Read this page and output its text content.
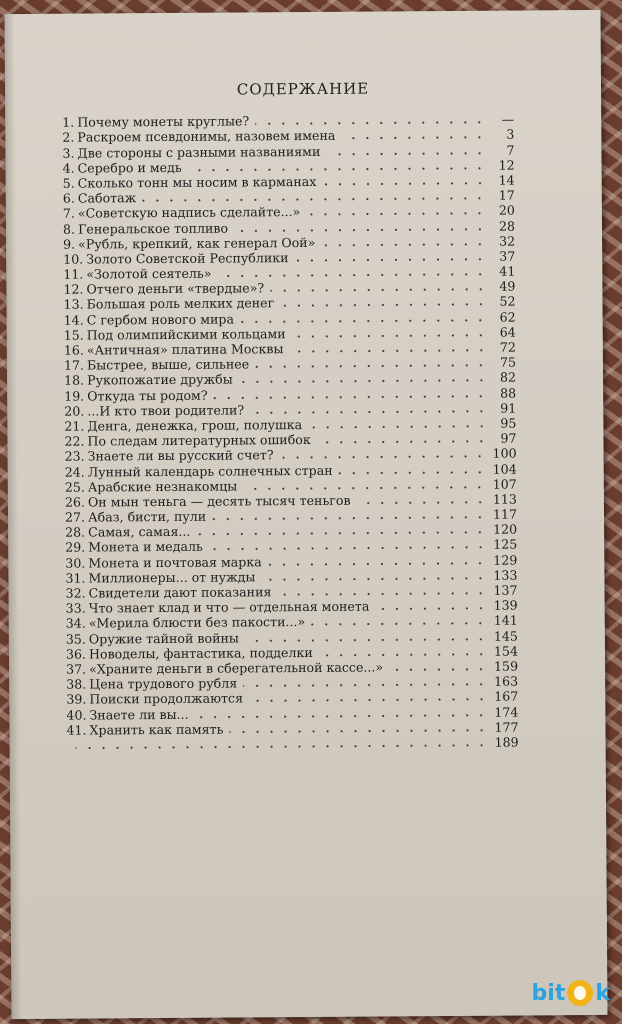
СОДЕРЖАНИЕ
1. Почему монеты круглые?	—
2. Раскроем псевдонимы, назовем имена	3
3. Две стороны с разными названиями	7
4. Серебро и медь	12
5. Сколько тонн мы носим в карманах	14
6. Саботаж	17
7. «Советскую надпись сделайте...»	20
8. Генеральское топливо	28
9. «Рубль, крепкий, как генерал Оой»	32
10. Золото Советской Республики	37
11. «Золотой сеятель»	41
12. Отчего деньги «твердые»?	49
13. Большая роль мелких денег	52
14. С гербом нового мира	62
15. Под олимпийскими кольцами	64
16. «Античная» платина Москвы	72
17. Быстрее, выше, сильнее	75
18. Рукопожатие дружбы	82
19. Откуда ты родом?	88
20. ...И кто твои родители?	91
21. Денга, денежка, грош, полушка	95
22. По следам литературных ошибок	97
23. Знаете ли вы русский счет?	100
24. Лунный календарь солнечных стран	104
25. Арабские незнакомцы	107
26. Он мын теньга — десять тысяч теньгов	113
27. Абаз, бисти, пули	117
28. Самая, самая...	120
29. Монета и медаль	125
30. Монета и почтовая марка	129
31. Миллионеры... от нужды	133
32. Свидетели дают показания	137
33. Что знает клад и что — отдельная монета	139
34. «Мерила блюсти без пакости...»	141
35. Оружие тайной войны	145
36. Новоделы, фантастика, подделки	154
37. «Храните деньги в сберегательной кассе...»	159
38. Цена трудового рубля	163
39. Поиски продолжаются	167
40. Знаете ли вы...	174
41. Хранить как память	177
189
bit k
